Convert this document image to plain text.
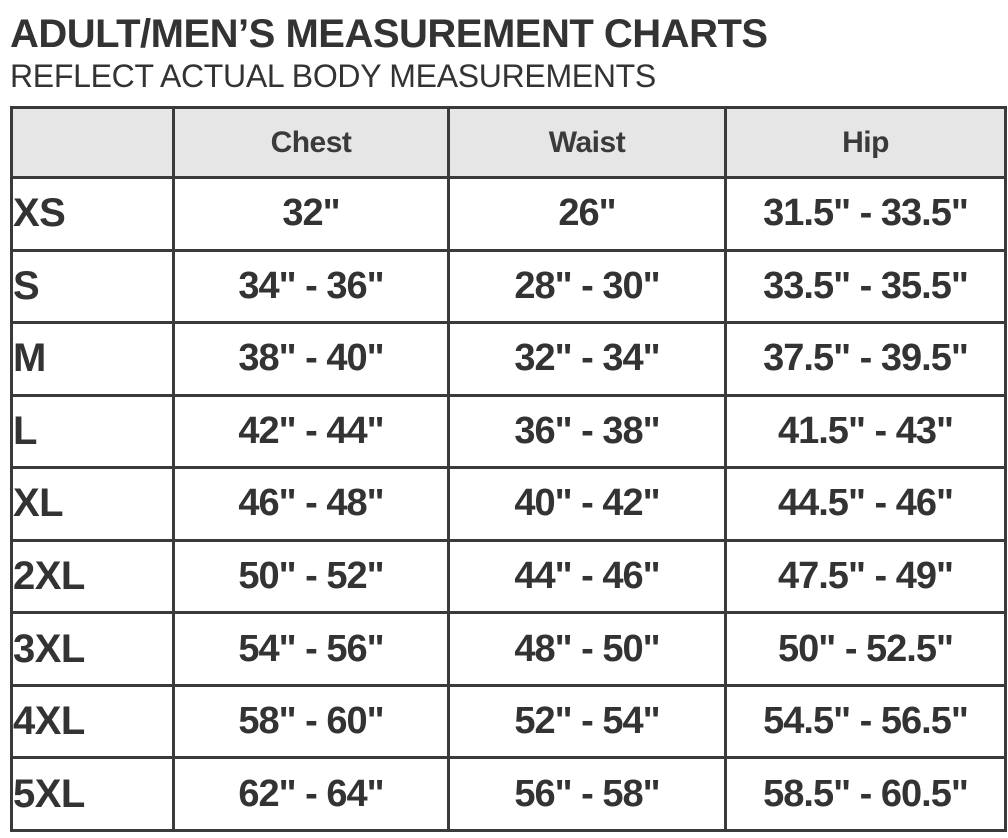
ADULT/MEN’S MEASUREMENT CHARTS
REFLECT ACTUAL BODY MEASUREMENTS
	Chest	Waist	Hip
XS	32"	26"	31.5" - 33.5"
S	34" - 36"	28" - 30"	33.5" - 35.5"
M	38" - 40"	32" - 34"	37.5" - 39.5"
L	42" - 44"	36" - 38"	41.5" - 43"
XL	46" - 48"	40" - 42"	44.5" - 46"
2XL	50" - 52"	44" - 46"	47.5" - 49"
3XL	54" - 56"	48" - 50"	50" - 52.5"
4XL	58" - 60"	52" - 54"	54.5" - 56.5"
5XL	62" - 64"	56" - 58"	58.5" - 60.5"
